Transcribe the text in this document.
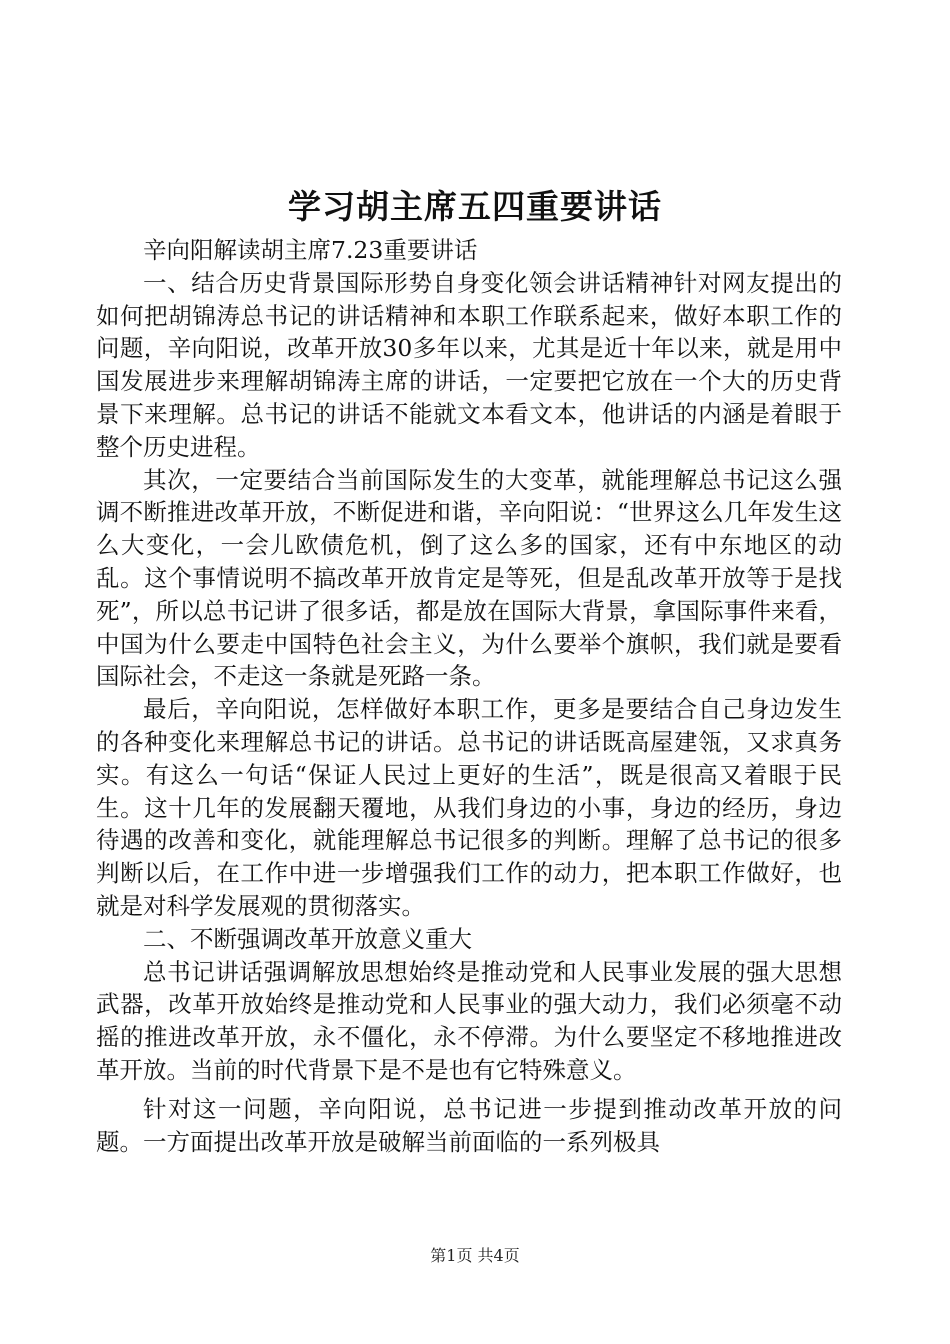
学习胡主席五四重要讲话

辛向阳解读胡主席7.23重要讲话

一、结合历史背景国际形势自身变化领会讲话精神针对网友提出的如何把胡锦涛总书记的讲话精神和本职工作联系起来，做好本职工作的问题，辛向阳说，改革开放30多年以来，尤其是近十年以来，就是用中国发展进步来理解胡锦涛主席的讲话，一定要把它放在一个大的历史背景下来理解。总书记的讲话不能就文本看文本，他讲话的内涵是着眼于整个历史进程。

其次，一定要结合当前国际发生的大变革，就能理解总书记这么强调不断推进改革开放，不断促进和谐，辛向阳说：“世界这么几年发生这么大变化，一会儿欧债危机，倒了这么多的国家，还有中东地区的动乱。这个事情说明不搞改革开放肯定是等死，但是乱改革开放等于是找死”，所以总书记讲了很多话，都是放在国际大背景，拿国际事件来看，中国为什么要走中国特色社会主义，为什么要举个旗帜，我们就是要看国际社会，不走这一条就是死路一条。

最后，辛向阳说，怎样做好本职工作，更多是要结合自己身边发生的各种变化来理解总书记的讲话。总书记的讲话既高屋建瓴，又求真务实。有这么一句话“保证人民过上更好的生活”，既是很高又着眼于民生。这十几年的发展翻天覆地，从我们身边的小事，身边的经历，身边待遇的改善和变化，就能理解总书记很多的判断。理解了总书记的很多判断以后，在工作中进一步增强我们工作的动力，把本职工作做好，也就是对科学发展观的贯彻落实。

二、不断强调改革开放意义重大

总书记讲话强调解放思想始终是推动党和人民事业发展的强大思想武器，改革开放始终是推动党和人民事业的强大动力，我们必须毫不动摇的推进改革开放，永不僵化，永不停滞。为什么要坚定不移地推进改革开放。当前的时代背景下是不是也有它特殊意义。

针对这一问题，辛向阳说，总书记进一步提到推动改革开放的问题。一方面提出改革开放是破解当前面临的一系列极具

第1页 共4页
